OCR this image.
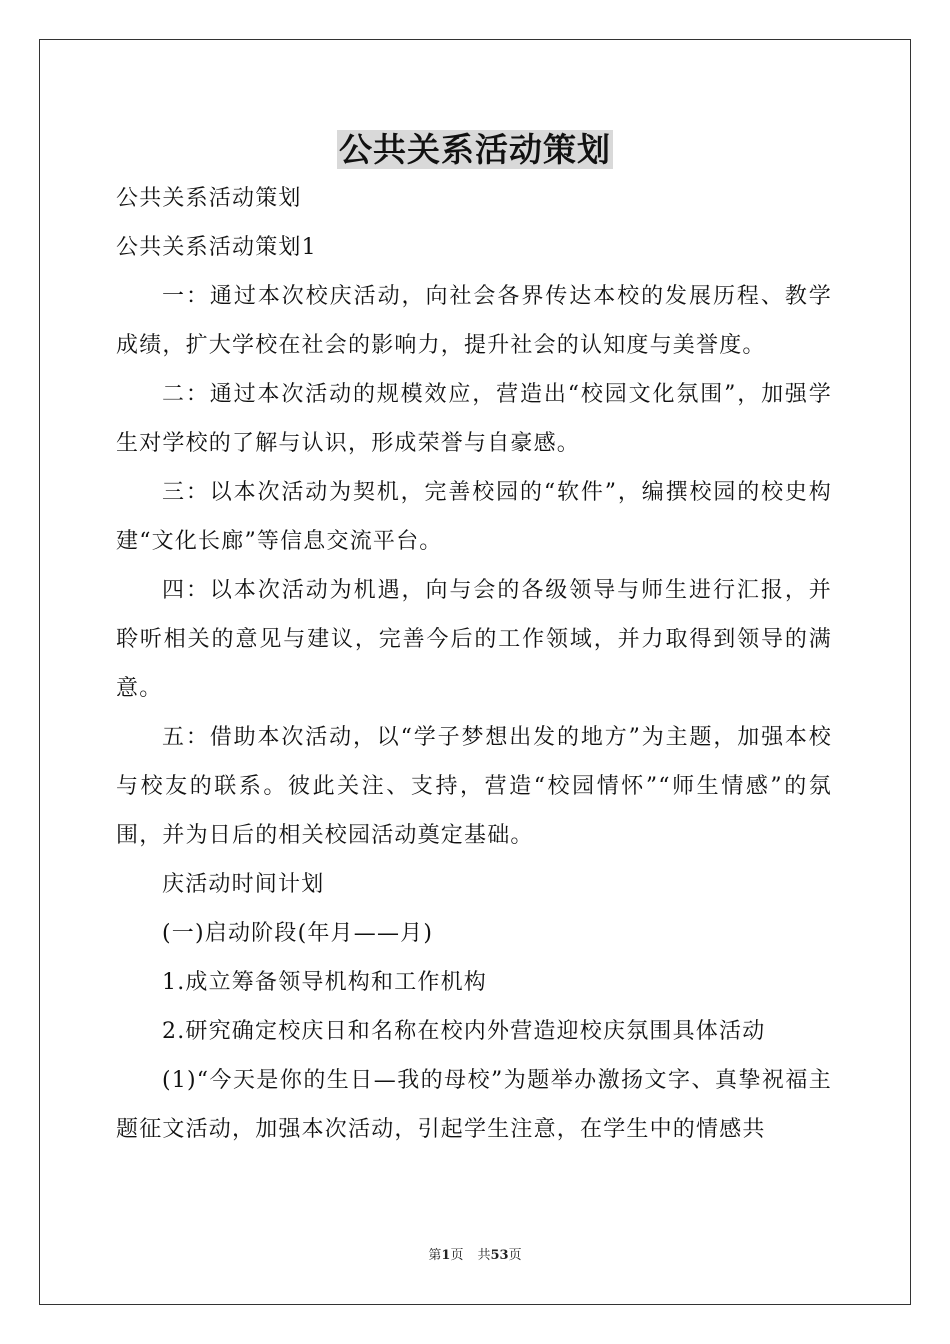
公共关系活动策划

公共关系活动策划

公共关系活动策划1

一：通过本次校庆活动，向社会各界传达本校的发展历程、教学成绩，扩大学校在社会的影响力，提升社会的认知度与美誉度。

二：通过本次活动的规模效应，营造出“校园文化氛围”，加强学生对学校的了解与认识，形成荣誉与自豪感。

三：以本次活动为契机，完善校园的“软件”，编撰校园的校史构建“文化长廊”等信息交流平台。

四：以本次活动为机遇，向与会的各级领导与师生进行汇报，并聆听相关的意见与建议，完善今后的工作领域，并力取得到领导的满意。

五：借助本次活动，以“学子梦想出发的地方”为主题，加强本校与校友的联系。彼此关注、支持，营造“校园情怀”“师生情感”的氛围，并为日后的相关校园活动奠定基础。

庆活动时间计划

(一)启动阶段(年月——月)

1.成立筹备领导机构和工作机构

2.研究确定校庆日和名称在校内外营造迎校庆氛围具体活动

(1)“今天是你的生日—我的母校”为题举办激扬文字、真挚祝福主题征文活动，加强本次活动，引起学生注意，在学生中的情感共

第1页 共53页
